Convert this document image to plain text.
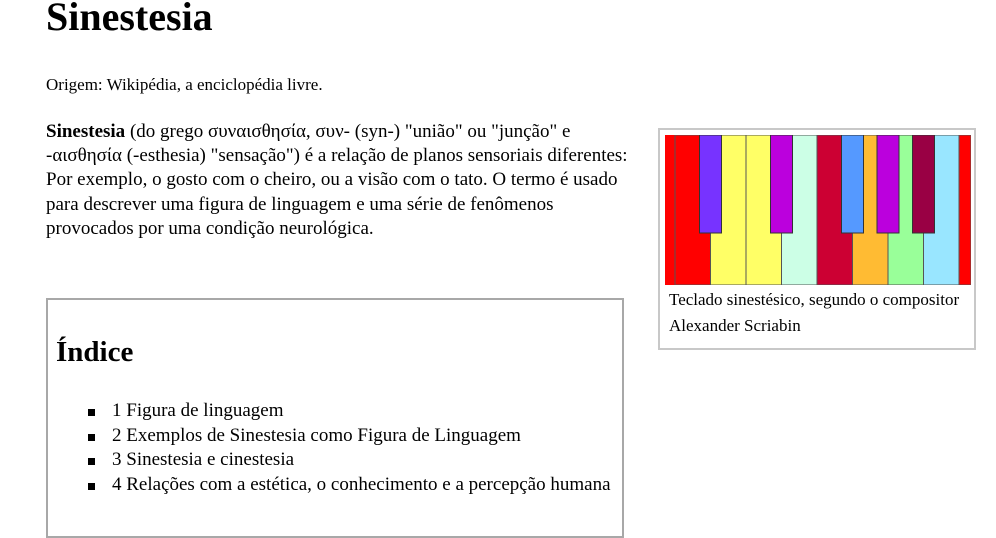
Sinestesia

Origem: Wikipédia, a enciclopédia livre.

Sinestesia (do grego συναισθησία, συν- (syn-) "união" ou "junção" e -αισθησία (-esthesia) "sensação") é a relação de planos sensoriais diferentes: Por exemplo, o gosto com o cheiro, ou a visão com o tato. O termo é usado para descrever uma figura de linguagem e uma série de fenômenos provocados por uma condição neurológica.

Índice
1 Figura de linguagem
2 Exemplos de Sinestesia como Figura de Linguagem
3 Sinestesia e cinestesia
4 Relações com a estética, o conhecimento e a percepção humana

Teclado sinestésico, segundo o compositor Alexander Scriabin
